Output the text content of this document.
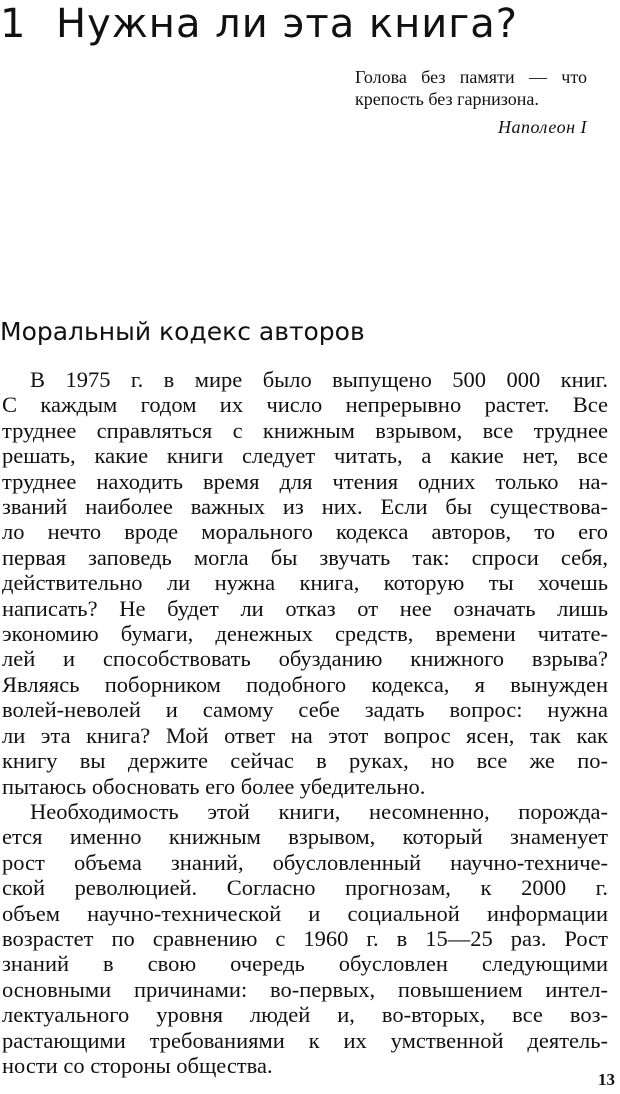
1 Нужна ли эта книга?
Голова без памяти — что
крепость без гарнизона.
Наполеон I
Моральный кодекс авторов
В 1975 г. в мире было выпущено 500 000 книг.
С каждым годом их число непрерывно растет. Все
труднее справляться с книжным взрывом, все труднее
решать, какие книги следует читать, а какие нет, все
труднее находить время для чтения одних только на-
званий наиболее важных из них. Если бы существова-
ло нечто вроде морального кодекса авторов, то его
первая заповедь могла бы звучать так: спроси себя,
действительно ли нужна книга, которую ты хочешь
написать? Не будет ли отказ от нее означать лишь
экономию бумаги, денежных средств, времени читате-
лей и способствовать обузданию книжного взрыва?
Являясь поборником подобного кодекса, я вынужден
волей-неволей и самому себе задать вопрос: нужна
ли эта книга? Мой ответ на этот вопрос ясен, так как
книгу вы держите сейчас в руках, но все же по-
пытаюсь обосновать его более убедительно.
Необходимость этой книги, несомненно, порожда-
ется именно книжным взрывом, который знаменует
рост объема знаний, обусловленный научно-техниче-
ской революцией. Согласно прогнозам, к 2000 г.
объем научно-технической и социальной информации
возрастет по сравнению с 1960 г. в 15—25 раз. Рост
знаний в свою очередь обусловлен следующими
основными причинами: во-первых, повышением интел-
лектуального уровня людей и, во-вторых, все воз-
растающими требованиями к их умственной деятель-
ности со стороны общества.
13
